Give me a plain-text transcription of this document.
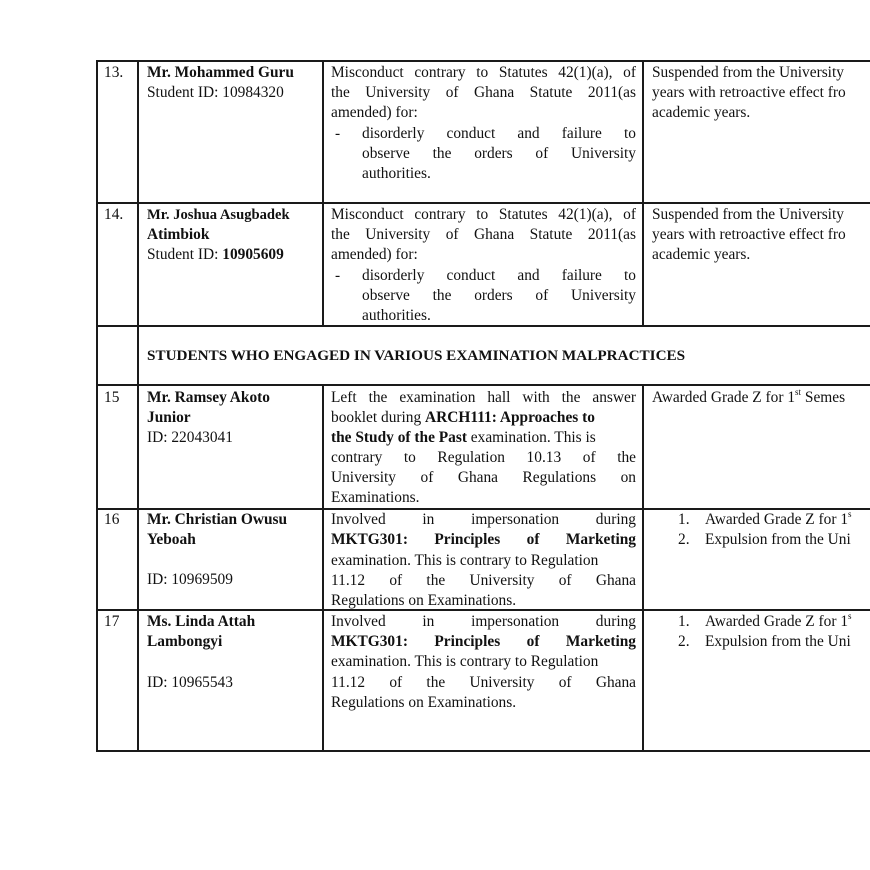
13. Mr. Mohammed Guru
Student ID: 10984320
Misconduct contrary to Statutes 42(1)(a), of
the University of Ghana Statute 2011(as
amended) for:
- disorderly conduct and failure to
observe the orders of University
authorities.
Suspended from the University
years with retroactive effect fro
academic years.
14. Mr. Joshua Asugbadek
Atimbiok
Student ID: 10905609
Misconduct contrary to Statutes 42(1)(a), of
the University of Ghana Statute 2011(as
amended) for:
- disorderly conduct and failure to
observe the orders of University
authorities.
Suspended from the University
years with retroactive effect fro
academic years.
STUDENTS WHO ENGAGED IN VARIOUS EXAMINATION MALPRACTICES
15 Mr. Ramsey Akoto
Junior
ID: 22043041
Left the examination hall with the answer
booklet during ARCH111: Approaches to
the Study of the Past examination. This is
contrary to Regulation 10.13 of the
University of Ghana Regulations on
Examinations.
Awarded Grade Z for 1st Semes
16 Mr. Christian Owusu
Yeboah
ID: 10969509
Involved in impersonation during
MKTG301: Principles of Marketing
examination. This is contrary to Regulation
11.12 of the University of Ghana
Regulations on Examinations.
1. Awarded Grade Z for 1$^s$
2. Expulsion from the Uni
17 Ms. Linda Attah
Lambongyi
ID: 10965543
Involved in impersonation during
MKTG301: Principles of Marketing
examination. This is contrary to Regulation
11.12 of the University of Ghana
Regulations on Examinations.
1. Awarded Grade Z for 1$^s$
2. Expulsion from the Uni
